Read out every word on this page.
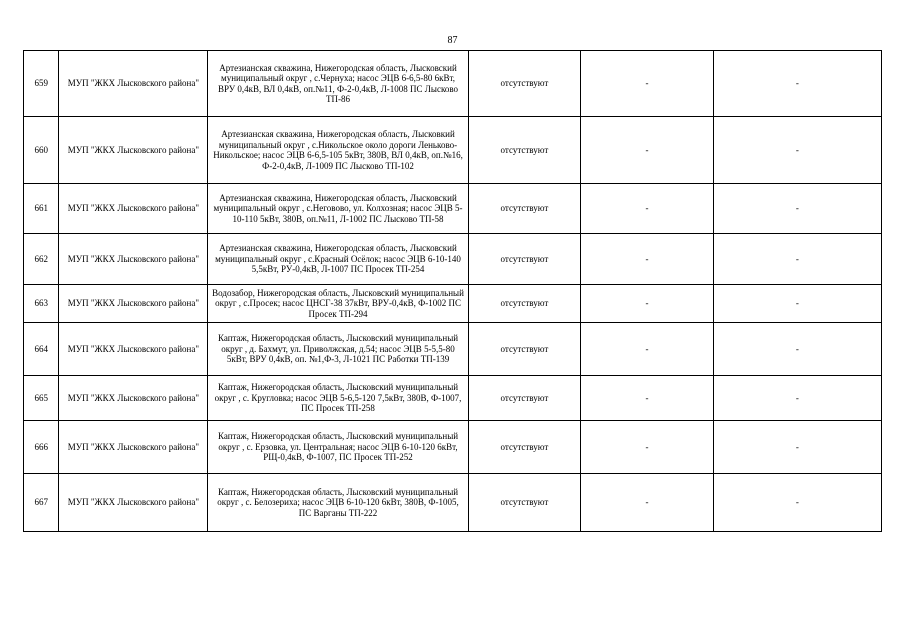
87
659	МУП "ЖКХ Лысковского района"	Артезианская скважина, Нижегородская область, Лысковский муниципальный округ , с.Чернуха; насос ЭЦВ 6-6,5-80 6кВт, ВРУ 0,4кВ, ВЛ 0,4кВ, оп.№11, Ф-2-0,4кВ, Л-1008 ПС Лысково ТП-86	отсутствуют	-	-
660	МУП "ЖКХ Лысковского района"	Артезианская скважина, Нижегородская область, Лысковкий муниципальный округ , с.Никольское около дороги Леньково-Никольское; насос ЭЦВ 6-6,5-105 5кВт, 380В, ВЛ 0,4кВ, оп.№16, Ф-2-0,4кВ, Л-1009 ПС Лысково ТП-102	отсутствуют	-	-
661	МУП "ЖКХ Лысковского района"	Артезианская скважина, Нижегородская область, Лысковский муниципальный округ , с.Неговово, ул. Колхозная; насос ЭЦВ 5-10-110 5кВт, 380В, оп.№11, Л-1002 ПС Лысково ТП-58	отсутствуют	-	-
662	МУП "ЖКХ Лысковского района"	Артезианская скважина, Нижегородская область, Лысковский муниципальный округ , с.Красный Осёлок; насос ЭЦВ 6-10-140 5,5кВт, РУ-0,4кВ, Л-1007 ПС Просек ТП-254	отсутствуют	-	-
663	МУП "ЖКХ Лысковского района"	Водозабор, Нижегородская область, Лысковский муниципальный округ , с.Просек; насос ЦНСГ-38 37кВт, ВРУ-0,4кВ, Ф-1002 ПС Просек ТП-294	отсутствуют	-	-
664	МУП "ЖКХ Лысковского района"	Каптаж, Нижегородская область, Лысковский муниципальный округ , д. Бахмут, ул. Приволжская, д.54; насос ЭЦВ 5-5,5-80 5кВт, ВРУ 0,4кВ, оп. №1,Ф-3, Л-1021 ПС Работки ТП-139	отсутствуют	-	-
665	МУП "ЖКХ Лысковского района"	Каптаж, Нижегородская область, Лысковский муниципальный округ , с. Кругловка; насос ЭЦВ 5-6,5-120 7,5кВт, 380В, Ф-1007, ПС Просек ТП-258	отсутствуют	-	-
666	МУП "ЖКХ Лысковского района"	Каптаж, Нижегородская область, Лысковский муниципальный округ , с. Ерзовка, ул. Центральная; насос ЭЦВ 6-10-120 6кВт, РЩ-0,4кВ, Ф-1007, ПС Просек ТП-252	отсутствуют	-	-
667	МУП "ЖКХ Лысковского района"	Каптаж, Нижегородская область, Лысковский муниципальный округ , с. Белозериха; насос ЭЦВ 6-10-120 6кВт, 380В, Ф-1005, ПС Варганы ТП-222	отсутствуют	-	-
